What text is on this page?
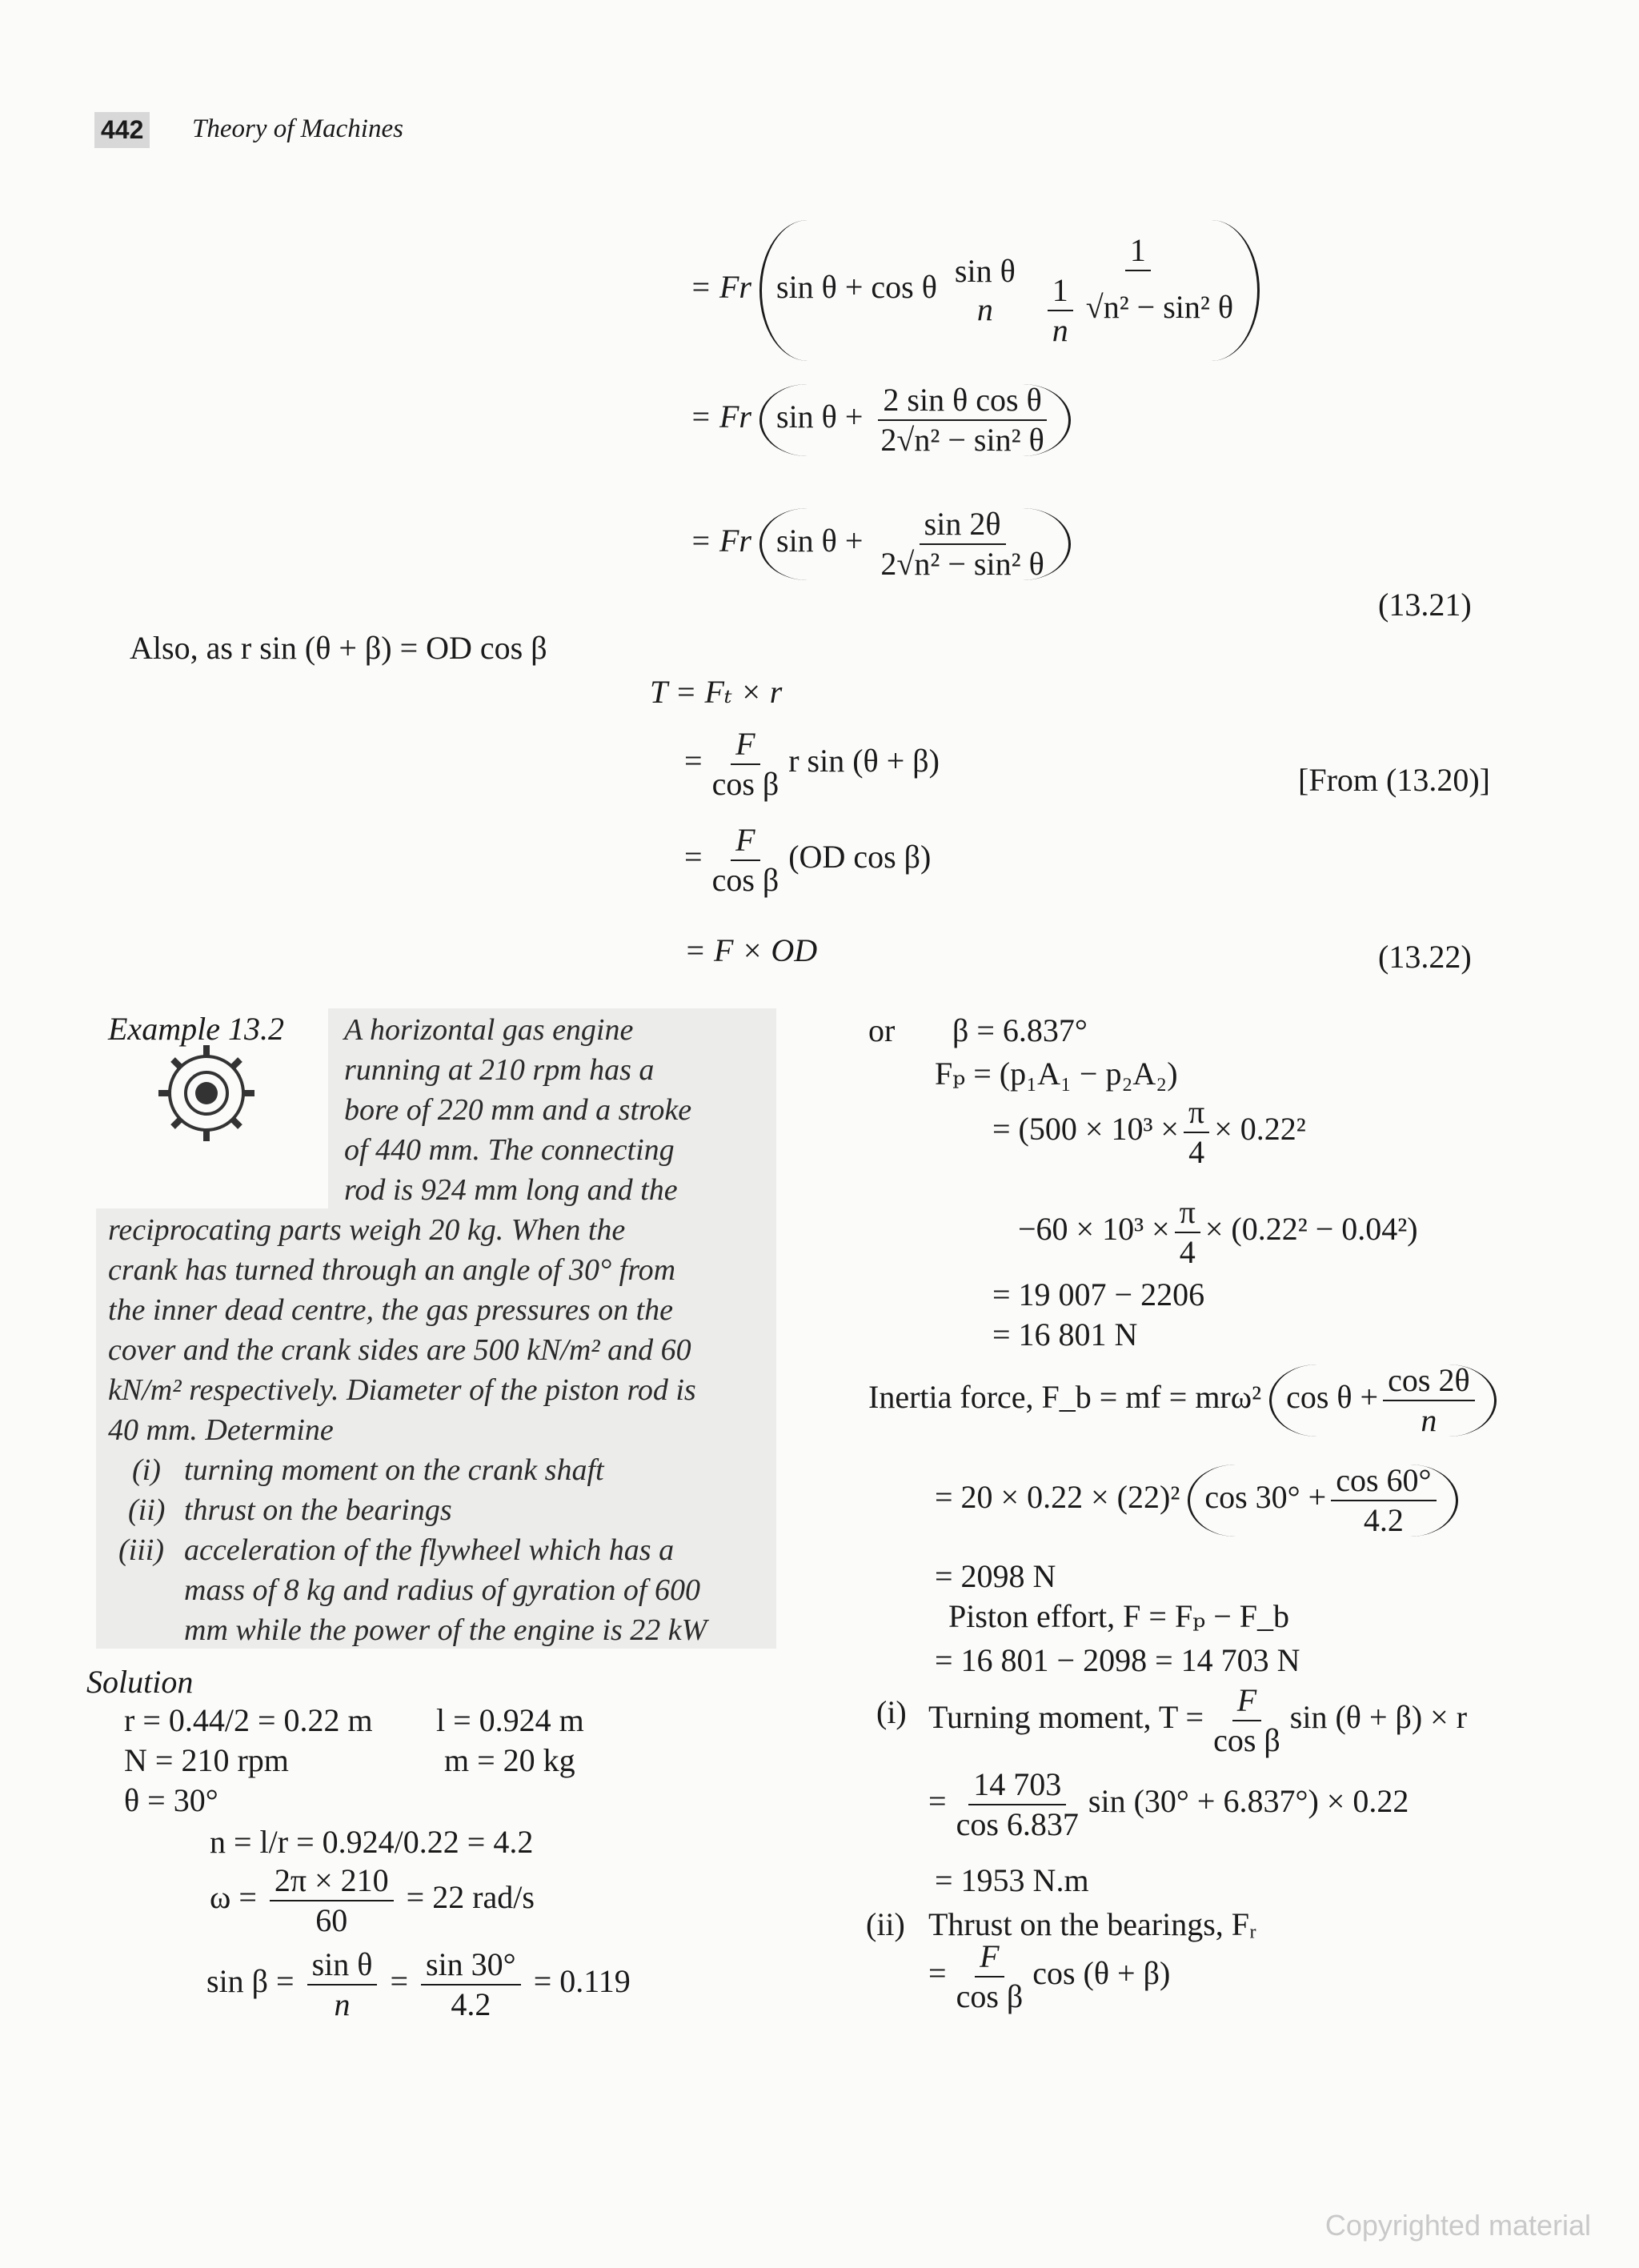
442 Theory of Machines
= Fr sin θ + cos θ sin θ
n
$\frac{1}{\frac{1}{n} √n^2 - \sin^2 \theta}$
= Fr $\sin \theta + \frac{\text{2 sin θ cos θ}}{\text{2√n² − sin² θ}}$
= Fr $\sin \theta + \frac{\sin 2\theta}{\text{2√n² − sin² θ}}$
(13.21)
Also, as r sin (θ + β) = OD cos β
T = Fₜ × r
= $\frac{F}{\text{cos β}}$ r sin (θ + β)
[From (13.20)]
= $\frac{F}{\text{cos β}} (OD$ cos β)
= F × OD	(13.22)
Example 13.2 A horizontal gas engine
running at 210 rpm has a
bore of 220 mm and a stroke
of 440 mm. The connecting
rod is 924 mm long and the
reciprocating parts weigh 20 kg. When the
crank has turned through an angle of 30° from
the inner dead centre, the gas pressures on the
cover and the crank sides are 500 kN/m² and 60
kN/m² respectively. Diameter of the piston rod is
40 mm. Determine
(i) turning moment on the crank shaft
(ii) thrust on the bearings
(iii) acceleration of the flywheel which has a
mass of 8 kg and radius of gyration of 600
mm while the power of the engine is 22 kW
Solution
r = 0.44/2 = 0.22 m l = 0.924 m
N = 210 rpm	m = 20 kg
θ = 30°
n = l/r = 0.924/0.22 = 4.2
$\omega = \frac{2\pi \times 210}{60} = 22$ rad/s
$\sin \beta = \frac{\text{sin θ}}{n} = \frac{\sin 30^\circ}{4.2} = 0.119$
or β = 6.837°
Fₚ = (p₁A₁ − p₂A₂)
= ($500 \times 10^3 \times \frac{\pi}{4} \times 0.22^2$
$-60 \times 10^3 \times \frac{\pi}{4} \times (0.22^2 - 0.04^2)$
= 19 007 − 2206
= 16 801 N
Inertia force, F_b = mf = mrω² $\cos \theta + \frac{\cos 2\theta}{n}$
= 20 × 0.22 × (22)² $\cos 30^\circ + \frac{\cos 60^\circ}{4.2}$
= 2098 N
Piston effort, F = Fₚ − F_b
= 16 801 − 2098 = 14 703 N
(i) Turning moment, $T = \frac{F}{\text{cos β}}$ sin (θ + β) × r
= $\frac{14 703}{\cos 6.837}$ sin (30° + 6.837°) × 0.22
= 1953 N.m
(ii) Thrust on the bearings, Fᵣ
= $\frac{F}{\text{cos β}}$ cos (θ + β)
Copyrighted material
